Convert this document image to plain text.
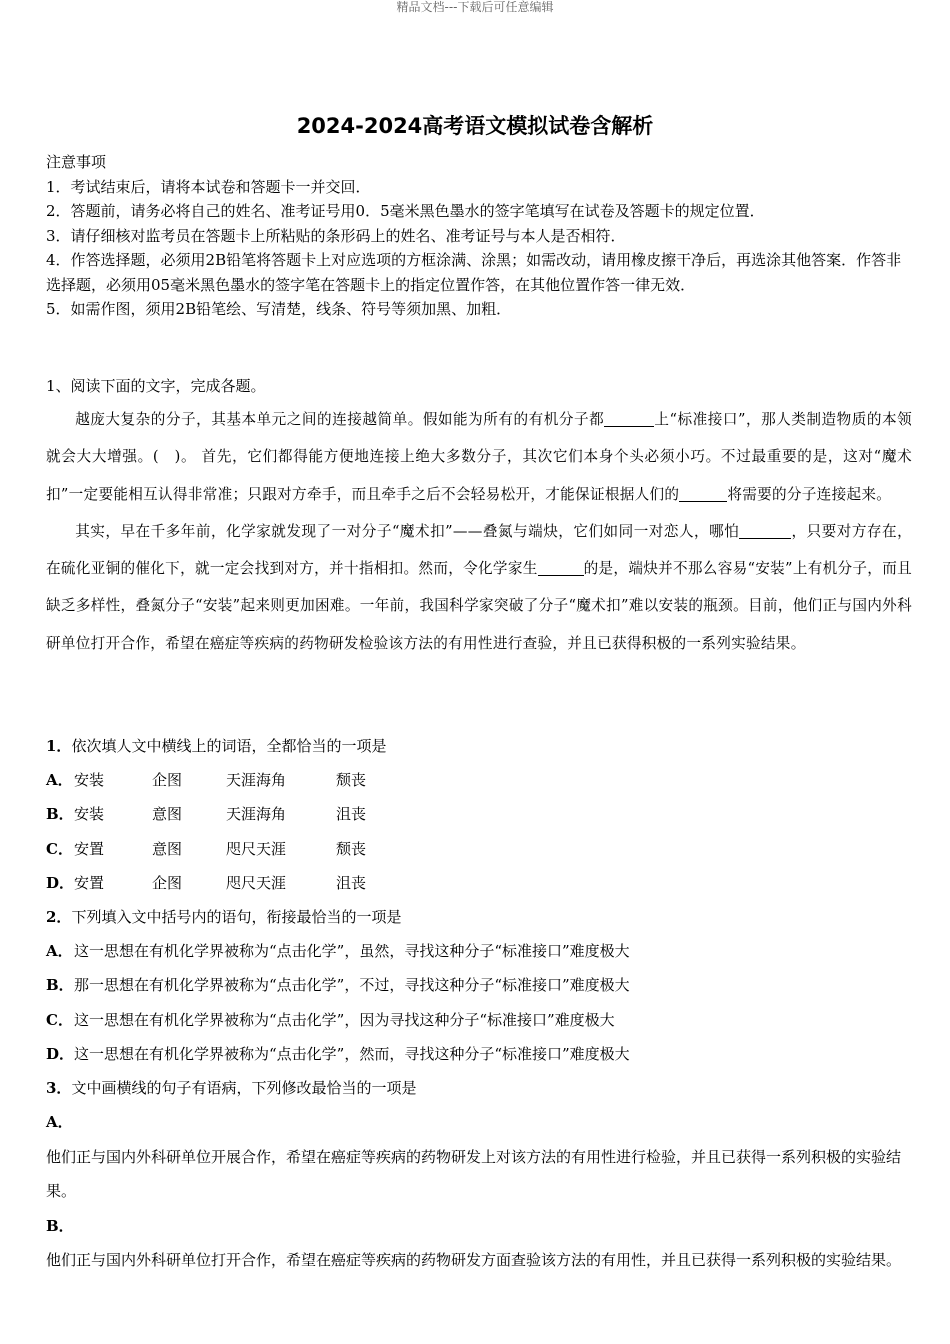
精品文档---下载后可任意编辑
2024-2024高考语文模拟试卷含解析

注意事项

1．考试结束后，请将本试卷和答题卡一并交回．

2．答题前，请务必将自己的姓名、准考证号用0．5毫米黑色墨水的签字笔填写在试卷及答题卡的规定位置．

3．请仔细核对监考员在答题卡上所粘贴的条形码上的姓名、准考证号与本人是否相符．

4．作答选择题，必须用2B铅笔将答题卡上对应选项的方框涂满、涂黑；如需改动，请用橡皮擦干净后，再选涂其他答案．作答非选择题，必须用05毫米黑色墨水的签字笔在答题卡上的指定位置作答，在其他位置作答一律无效．

5．如需作图，须用2B铅笔绘、写清楚，线条、符号等须加黑、加粗．

1、阅读下面的文字，完成各题。

越庞大复杂的分子，其基本单元之间的连接越简单。假如能为所有的有机分子都	上“标准接口”，那人类制造物质的本领就会大大增强。(　)。 首先，它们都得能方便地连接上绝大多数分子，其次它们本身个头必须小巧。不过最重要的是，这对“魔术扣”一定要能相互认得非常准；只跟对方牵手，而且牵手之后不会轻易松开，才能保证根据人们的	将需要的分子连接起来。

其实，早在千多年前，化学家就发现了一对分子“魔术扣”——叠氮与端炔，它们如同一对恋人，哪怕	，只要对方存在， 在硫化亚铜的催化下，就一定会找到对方，并十指相扣。然而，令化学家生	的是，端炔并不那么容易“安装”上有机分子，而且缺乏多样性，叠氮分子“安装”起来则更加困难。一年前，我国科学家突破了分子“魔术扣”难以安装的瓶颈。目前，他们正与国内外科研单位打开合作，希望在癌症等疾病的药物研发检验该方法的有用性进行查验，并且已获得积极的一系列实验结果。

1．依次填人文中横线上的词语，全都恰当的一项是
A．安装	企图	天涯海角	颓丧
B．安装	意图	天涯海角	沮丧
C．安置	意图	咫尺天涯	颓丧
D．安置	企图	咫尺天涯	沮丧
2．下列填入文中括号内的语句，衔接最恰当的一项是
A．这一思想在有机化学界被称为“点击化学”，虽然，寻找这种分子“标准接口”难度极大
B．那一思想在有机化学界被称为“点击化学”，不过，寻找这种分子“标准接口”难度极大
C．这一思想在有机化学界被称为“点击化学”，因为寻找这种分子“标准接口”难度极大
D．这一思想在有机化学界被称为“点击化学”，然而，寻找这种分子“标准接口”难度极大
3．文中画横线的句子有语病，下列修改最恰当的一项是
A．他们正与国内外科研单位开展合作，希望在癌症等疾病的药物研发上对该方法的有用性进行检验，并且已获得一系列积极的实验结果。
B．他们正与国内外科研单位打开合作，希望在癌症等疾病的药物研发方面查验该方法的有用性，并且已获得一系列积极的实验结果。
